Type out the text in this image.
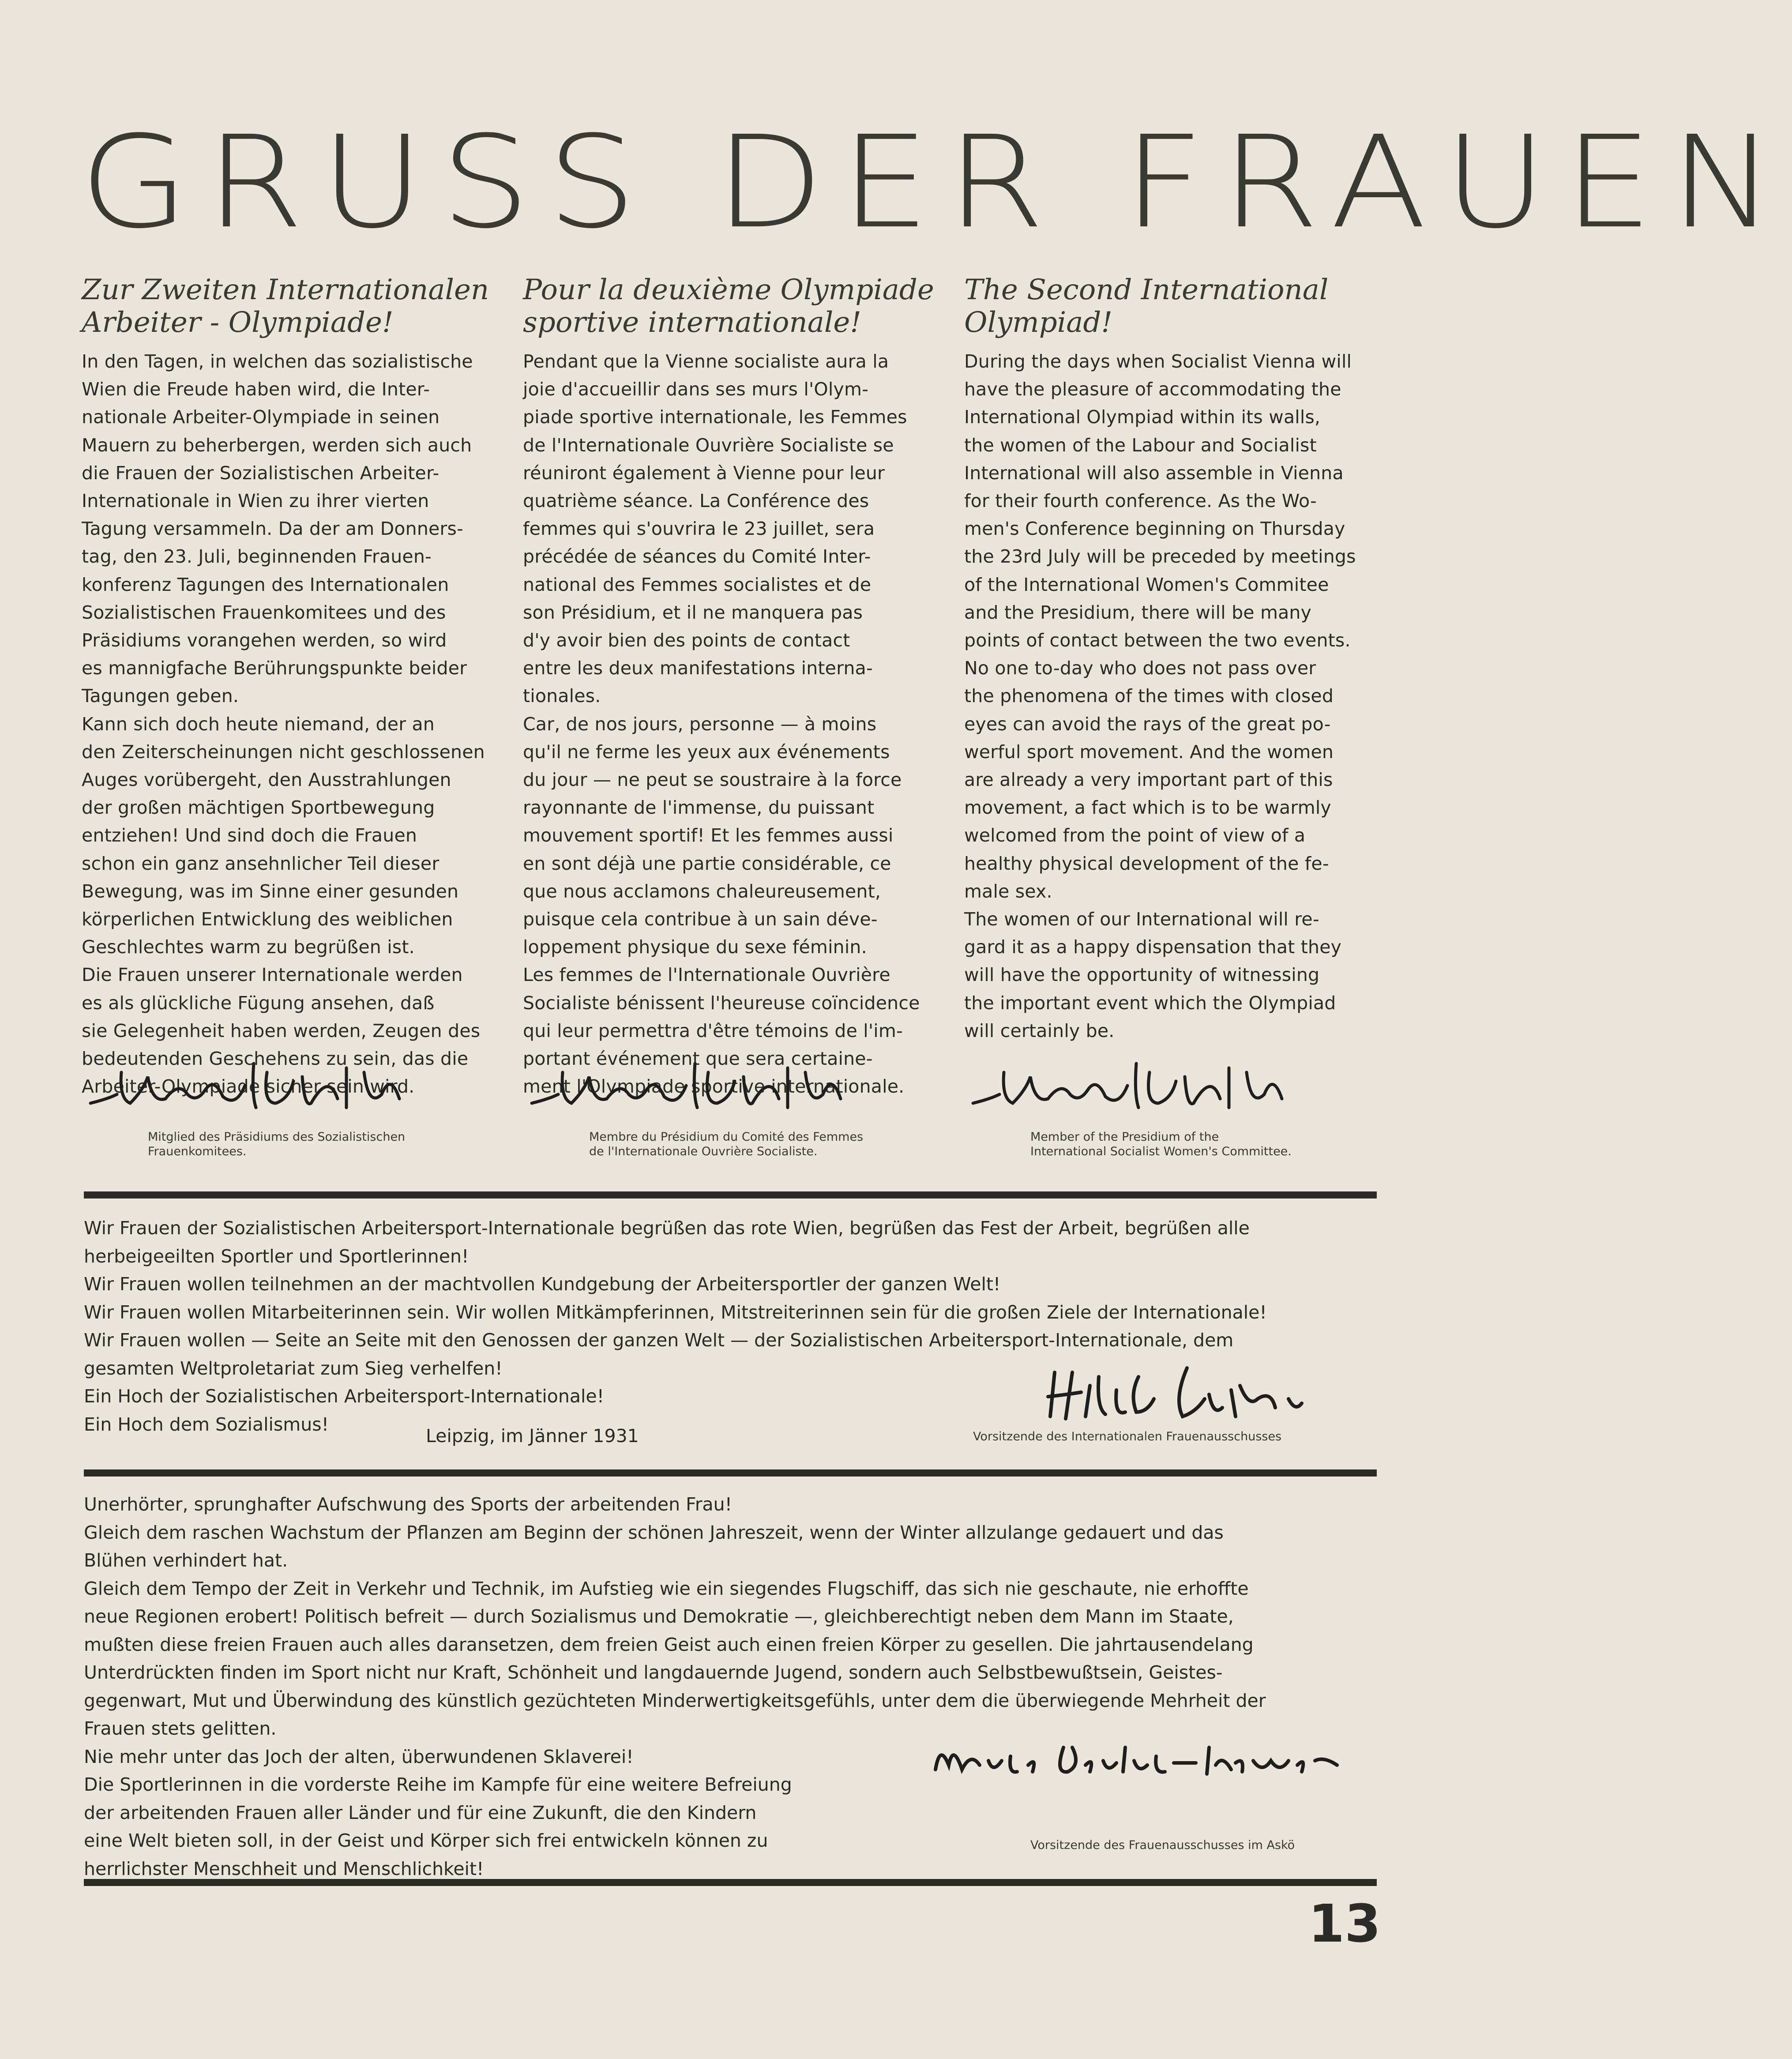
GRUSS DER FRAUEN
Zur Zweiten Internationalen
Arbeiter - Olympiade!

In den Tagen, in welchen das sozialistische

Wien die Freude haben wird, die Inter-

nationale Arbeiter-Olympiade in seinen

Mauern zu beherbergen, werden sich auch

die Frauen der Sozialistischen Arbeiter-

Internationale in Wien zu ihrer vierten

Tagung versammeln. Da der am Donners-

tag, den 23. Juli, beginnenden Frauen-

konferenz Tagungen des Internationalen

Sozialistischen Frauenkomitees und des

Präsidiums vorangehen werden, so wird

es mannigfache Berührungspunkte beider

Tagungen geben.

Kann sich doch heute niemand, der an

den Zeiterscheinungen nicht geschlossenen

Auges vorübergeht, den Ausstrahlungen

der großen mächtigen Sportbewegung

entziehen! Und sind doch die Frauen

schon ein ganz ansehnlicher Teil dieser

Bewegung, was im Sinne einer gesunden

körperlichen Entwicklung des weiblichen

Geschlechtes warm zu begrüßen ist.

Die Frauen unserer Internationale werden

es als glückliche Fügung ansehen, daß

sie Gelegenheit haben werden, Zeugen des

bedeutenden Geschehens zu sein, das die

Arbeiter-Olympiade sicher sein wird.

Pour la deuxième Olympiade
sportive internationale!

Pendant que la Vienne socialiste aura la

joie d'accueillir dans ses murs l'Olym-

piade sportive internationale, les Femmes

de l'Internationale Ouvrière Socialiste se

réuniront également à Vienne pour leur

quatrième séance. La Conférence des

femmes qui s'ouvrira le 23 juillet, sera

précédée de séances du Comité Inter-

national des Femmes socialistes et de

son Présidium, et il ne manquera pas

d'y avoir bien des points de contact

entre les deux manifestations interna-

tionales.

Car, de nos jours, personne — à moins

qu'il ne ferme les yeux aux événements

du jour — ne peut se soustraire à la force

rayonnante de l'immense, du puissant

mouvement sportif! Et les femmes aussi

en sont déjà une partie considérable, ce

que nous acclamons chaleureusement,

puisque cela contribue à un sain déve-

loppement physique du sexe féminin.

Les femmes de l'Internationale Ouvrière

Socialiste bénissent l'heureuse coïncidence

qui leur permettra d'être témoins de l'im-

portant événement que sera certaine-

ment l'Olympiade sportive internationale.

The Second International
Olympiad!

During the days when Socialist Vienna will

have the pleasure of accommodating the

International Olympiad within its walls,

the women of the Labour and Socialist

International will also assemble in Vienna

for their fourth conference. As the Wo-

men's Conference beginning on Thursday

the 23rd July will be preceded by meetings

of the International Women's Commitee

and the Presidium, there will be many

points of contact between the two events.

No one to-day who does not pass over

the phenomena of the times with closed

eyes can avoid the rays of the great po-

werful sport movement. And the women

are already a very important part of this

movement, a fact which is to be warmly

welcomed from the point of view of a

healthy physical development of the fe-

male sex.

The women of our International will re-

gard it as a happy dispensation that they

will have the opportunity of witnessing

the important event which the Olympiad

will certainly be.

Mitglied des Präsidiums des Sozialistischen
Frauenkomitees.
Membre du Présidium du Comité des Femmes
de l'Internationale Ouvrière Socialiste.
Member of the Presidium of the
International Socialist Women's Committee.

Wir Frauen der Sozialistischen Arbeitersport-Internationale begrüßen das rote Wien, begrüßen das Fest der Arbeit, begrüßen alle

herbeigeeilten Sportler und Sportlerinnen!

Wir Frauen wollen teilnehmen an der machtvollen Kundgebung der Arbeitersportler der ganzen Welt!

Wir Frauen wollen Mitarbeiterinnen sein. Wir wollen Mitkämpferinnen, Mitstreiterinnen sein für die großen Ziele der Internationale!

Wir Frauen wollen — Seite an Seite mit den Genossen der ganzen Welt — der Sozialistischen Arbeitersport-Internationale, dem

gesamten Weltproletariat zum Sieg verhelfen!

Ein Hoch der Sozialistischen Arbeitersport-Internationale!

Ein Hoch dem Sozialismus!

Leipzig, im Jänner 1931	Vorsitzende des Internationalen Frauenausschusses

Unerhörter, sprunghafter Aufschwung des Sports der arbeitenden Frau!

Gleich dem raschen Wachstum der Pflanzen am Beginn der schönen Jahreszeit, wenn der Winter allzulange gedauert und das

Blühen verhindert hat.

Gleich dem Tempo der Zeit in Verkehr und Technik, im Aufstieg wie ein siegendes Flugschiff, das sich nie geschaute, nie erhoffte

neue Regionen erobert! Politisch befreit — durch Sozialismus und Demokratie —, gleichberechtigt neben dem Mann im Staate,

mußten diese freien Frauen auch alles daransetzen, dem freien Geist auch einen freien Körper zu gesellen. Die jahrtausendelang

Unterdrückten finden im Sport nicht nur Kraft, Schönheit und langdauernde Jugend, sondern auch Selbstbewußtsein, Geistes-

gegenwart, Mut und Überwindung des künstlich gezüchteten Minderwertigkeitsgefühls, unter dem die überwiegende Mehrheit der

Frauen stets gelitten.

Nie mehr unter das Joch der alten, überwundenen Sklaverei!

Die Sportlerinnen in die vorderste Reihe im Kampfe für eine weitere Befreiung

der arbeitenden Frauen aller Länder und für eine Zukunft, die den Kindern

eine Welt bieten soll, in der Geist und Körper sich frei entwickeln können zu

herrlichster Menschheit und Menschlichkeit!

Vorsitzende des Frauenausschusses im Askö
13
